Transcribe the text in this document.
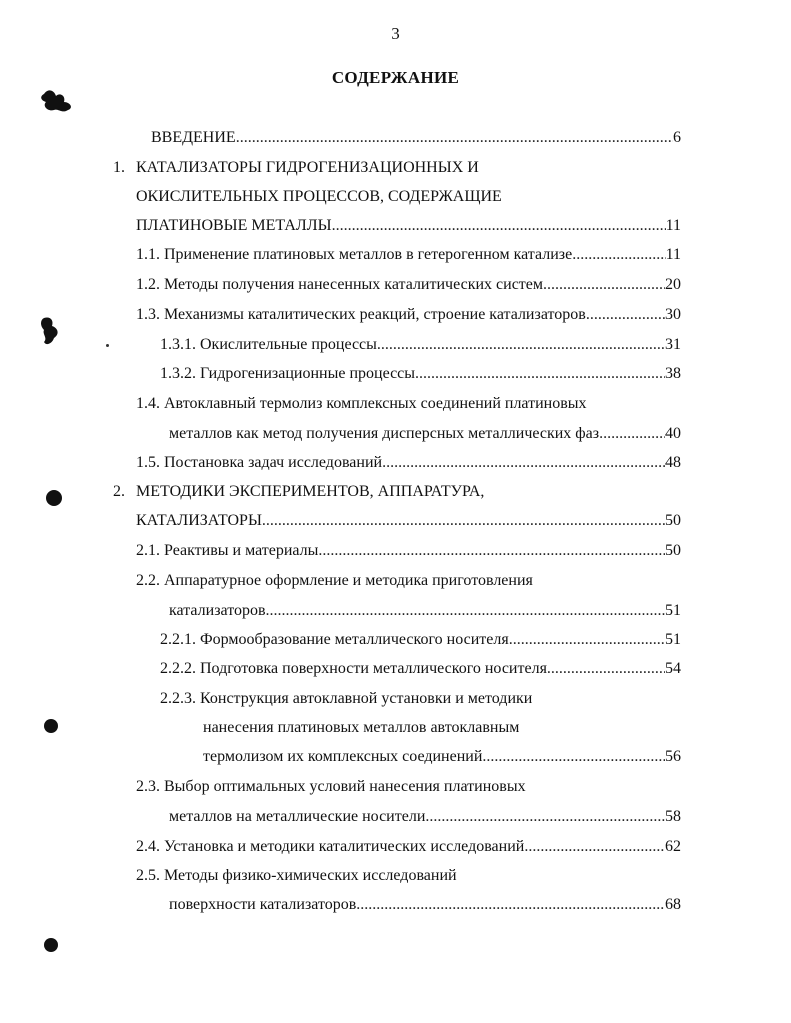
3
СОДЕРЖАНИЕ
ВВЕДЕНИЕ .....	6
1. КАТАЛИЗАТОРЫ ГИДРОГЕНИЗАЦИОННЫХ И
ОКИСЛИТЕЛЬНЫХ ПРОЦЕССОВ, СОДЕРЖАЩИЕ
ПЛАТИНОВЫЕ МЕТАЛЛЫ .....	11
1.1. Применение платиновых металлов в гетерогенном катализе .....	11
1.2. Методы получения нанесенных каталитических систем .....	20
1.3. Механизмы каталитических реакций, строение катализаторов .....	30
1.3.1. Окислительные процессы .....	31
1.3.2. Гидрогенизационные процессы .....	38
1.4. Автоклавный термолиз комплексных соединений платиновых
металлов как метод получения дисперсных металлических фаз .....	40
1.5. Постановка задач исследований .....	48
2. МЕТОДИКИ ЭКСПЕРИМЕНТОВ, АППАРАТУРА,
КАТАЛИЗАТОРЫ .....	50
2.1. Реактивы и материалы .....	50
2.2. Аппаратурное оформление и методика приготовления
катализаторов .....	51
2.2.1. Формообразование металлического носителя .....	51
2.2.2. Подготовка поверхности металлического носителя .....	54
2.2.3. Конструкция автоклавной установки и методики
нанесения платиновых металлов автоклавным
термолизом их комплексных соединений .....	56
2.3. Выбор оптимальных условий нанесения платиновых
металлов на металлические носители .....	58
2.4. Установка и методики каталитических исследований .....	62
2.5. Методы физико-химических исследований
поверхности катализаторов .....	68
